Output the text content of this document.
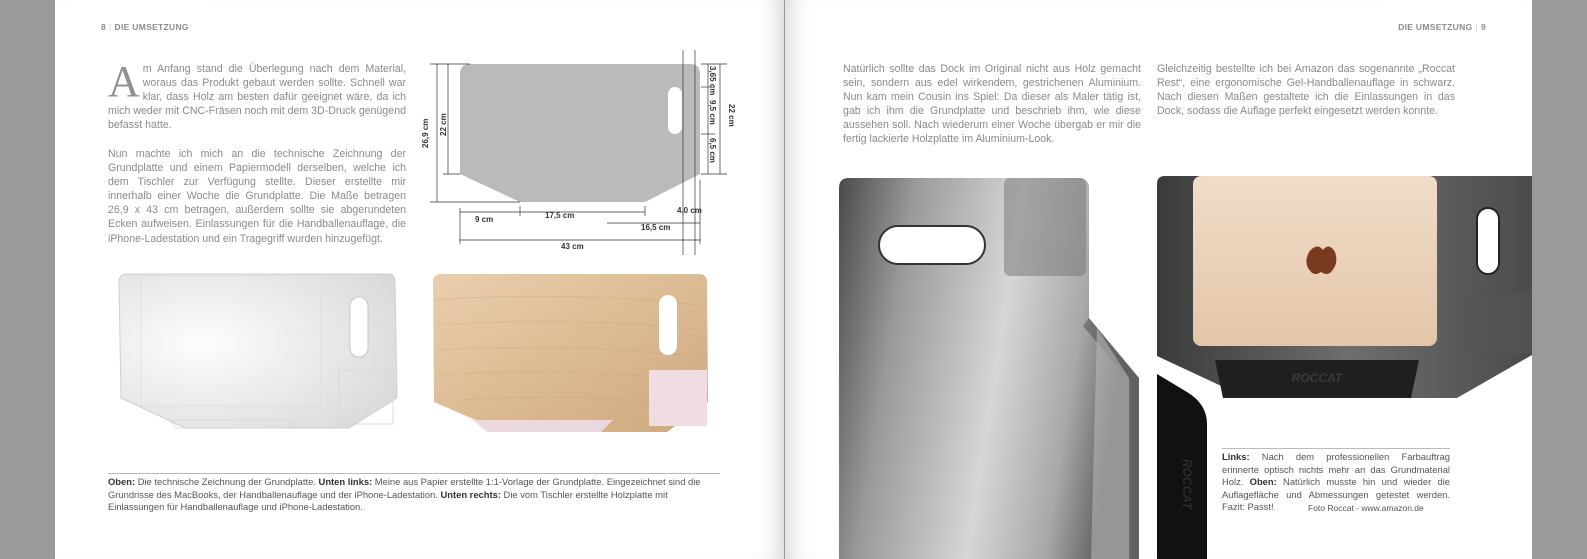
8 | DIE UMSETZUNG
Am Anfang stand die Überlegung nach dem Material, woraus das Produkt gebaut werden sollte. Schnell war klar, dass Holz am besten dafür geeignet wäre, da ich mich weder mit CNC-Fräsen noch mit dem 3D-Druck genügend befasst hatte.
Nun machte ich mich an die technische Zeichnung der Grundplatte und einem Papiermodell derselben, welche ich dem Tischler zur Verfügung stellte. Dieser erstellte mir innerhalb einer Woche die Grundplatte. Die Maße betragen 26,9 x 43 cm betragen, außerdem sollte sie abgerundeten Ecken aufweisen. Einlassungen für die Handballenauflage, die iPhone-Ladestation und ein Tragegriff wurden hinzugefügt.
26,9 cm 22 cm
3,65 cm
9,5 cm
6,5 cm
22 cm
9 cm	17,5 cm
4,0 cm
16,5 cm
43 cm
Oben: Die technische Zeichnung der Grundplatte. Unten links: Meine aus Papier erstellte 1:1-Vorlage der Grundplatte. Eingezeichnet sind die Grundrisse des MacBooks, der Handballenauflage und der iPhone-Ladestation. Unten rechts: Die vom Tischler erstellte Holzplatte mit Einlassungen für Handballenauflage und iPhone-Ladestation.
DIE UMSETZUNG | 9
Natürlich sollte das Dock im Original nicht aus Holz gemacht sein, sondern aus edel wirkendem, gestrichenen Aluminium. Nun kam mein Cousin ins Spiel: Da dieser als Maler tätig ist, gab ich ihm die Grundplatte und beschrieb ihm, wie diese aussehen soll. Nach wiederum einer Woche übergab er mir die fertig lackierte Holzplatte im Aluminium-Look.
Gleichzeitig bestellte ich bei Amazon das sogenannte „Roccat Rest“, eine ergonomische Gel-Handballenauflage in schwarz. Nach diesen Maßen gestaltete ich die Einlassungen in das Dock, sodass die Auflage perfekt eingesetzt werden konnte.
ROCCAT
ROCCAT
Links: Nach dem professionellen Farbauftrag erinnerte optisch nichts mehr an das Grundmaterial Holz. Oben: Natürlich musste hin und wieder die Auflagefläche und Abmessungen getestet werden. Fazit: Passt!	Foto Roccat - www.amazon.de
